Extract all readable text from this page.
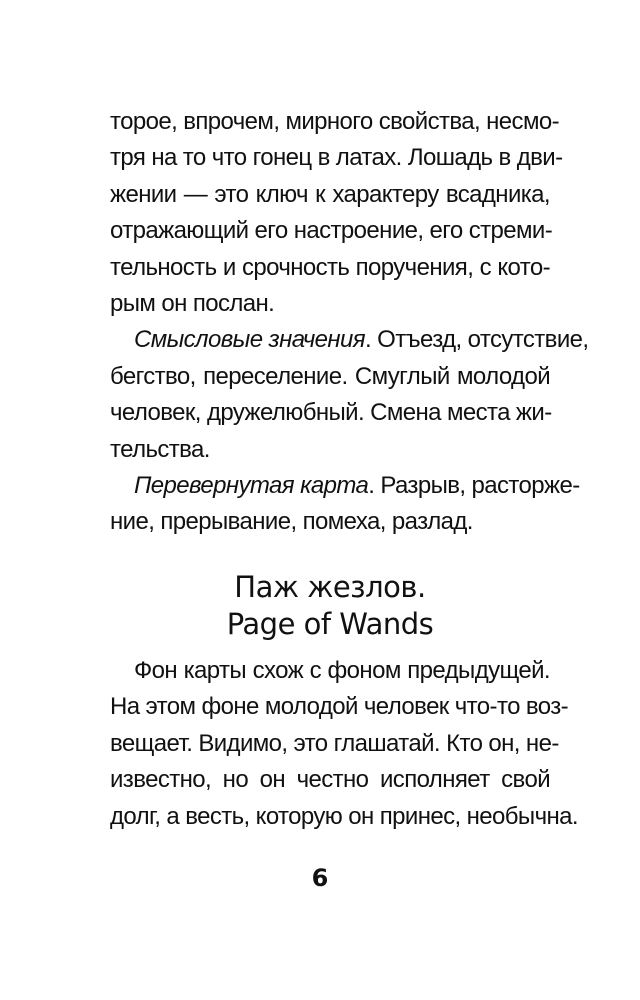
торое, впрочем, мирного свойства, несмо-
тря на то что гонец в латах. Лошадь в дви-
жении — это ключ к характеру всадника,
отражающий его настроение, его стреми-
тельность и срочность поручения, с кото-
рым он послан.

Смысловые значения. Отъезд, отсутствие,
бегство, переселение. Смуглый молодой
человек, дружелюбный. Смена места жи-
тельства.

Перевернутая карта. Разрыв, расторже-
ние, прерывание, помеха, разлад.

Паж жезлов.
Page of Wands

Фон карты схож с фоном предыдущей.
На этом фоне молодой человек что-то воз-
вещает. Видимо, это глашатай. Кто он, не-
известно, но он честно исполняет свой
долг, а весть, которую он принес, необычна.

6
